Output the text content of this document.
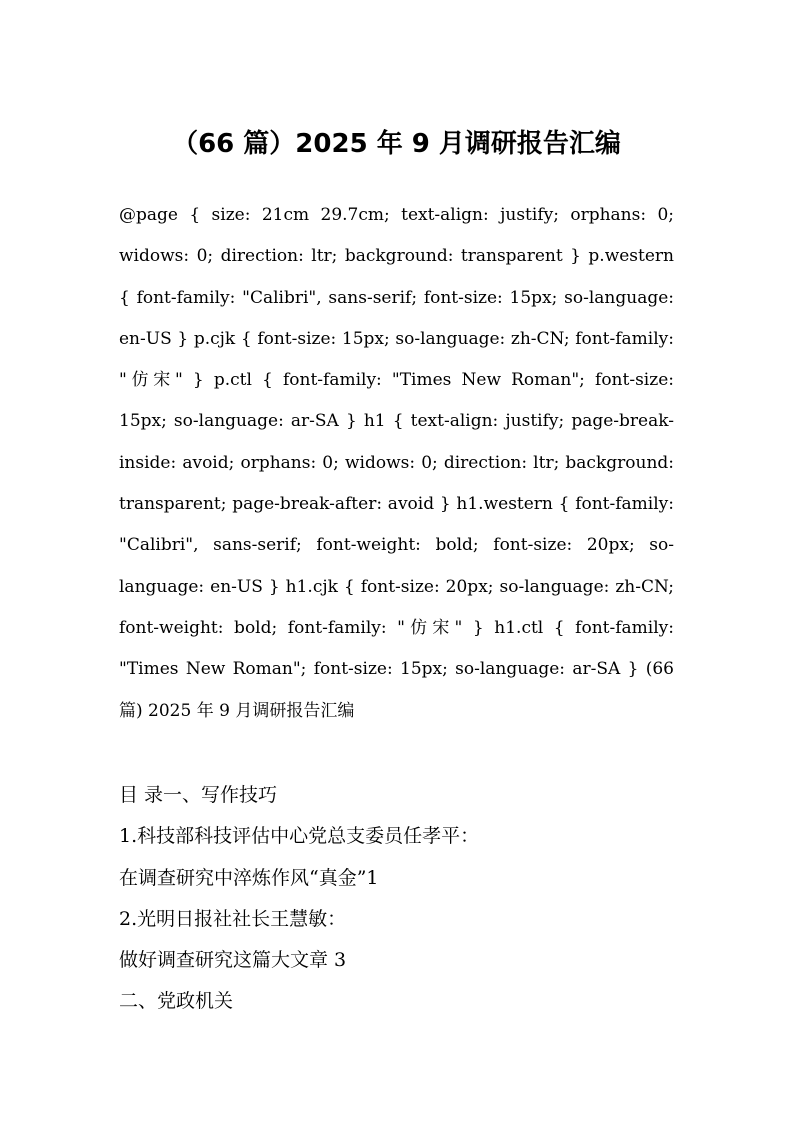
（66 篇）2025 年 9 月调研报告汇编

@page { size: 21cm 29.7cm; text-align: justify; orphans: 0; widows: 0; direction: ltr; background: transparent } p.western { font-family: "Calibri", sans-serif; font-size: 15px; so-language: en-US } p.cjk { font-size: 15px; so-language: zh-CN; font-family: "仿宋" } p.ctl { font-family: "Times New Roman"; font-size: 15px; so-language: ar-SA } h1 { text-align: justify; page-break-inside: avoid; orphans: 0; widows: 0; direction: ltr; background: transparent; page-break-after: avoid } h1.western { font-family: "Calibri", sans-serif; font-weight: bold; font-size: 20px; so-language: en-US } h1.cjk { font-size: 20px; so-language: zh-CN; font-weight: bold; font-family: "仿宋" } h1.ctl { font-family: "Times New Roman"; font-size: 15px; so-language: ar-SA } (66 篇) 2025 年 9 月调研报告汇编

目 录一、写作技巧
1.科技部科技评估中心党总支委员任孝平：
在调查研究中淬炼作风“真金”1
2.光明日报社社长王慧敏：
做好调查研究这篇大文章 3
二、党政机关
